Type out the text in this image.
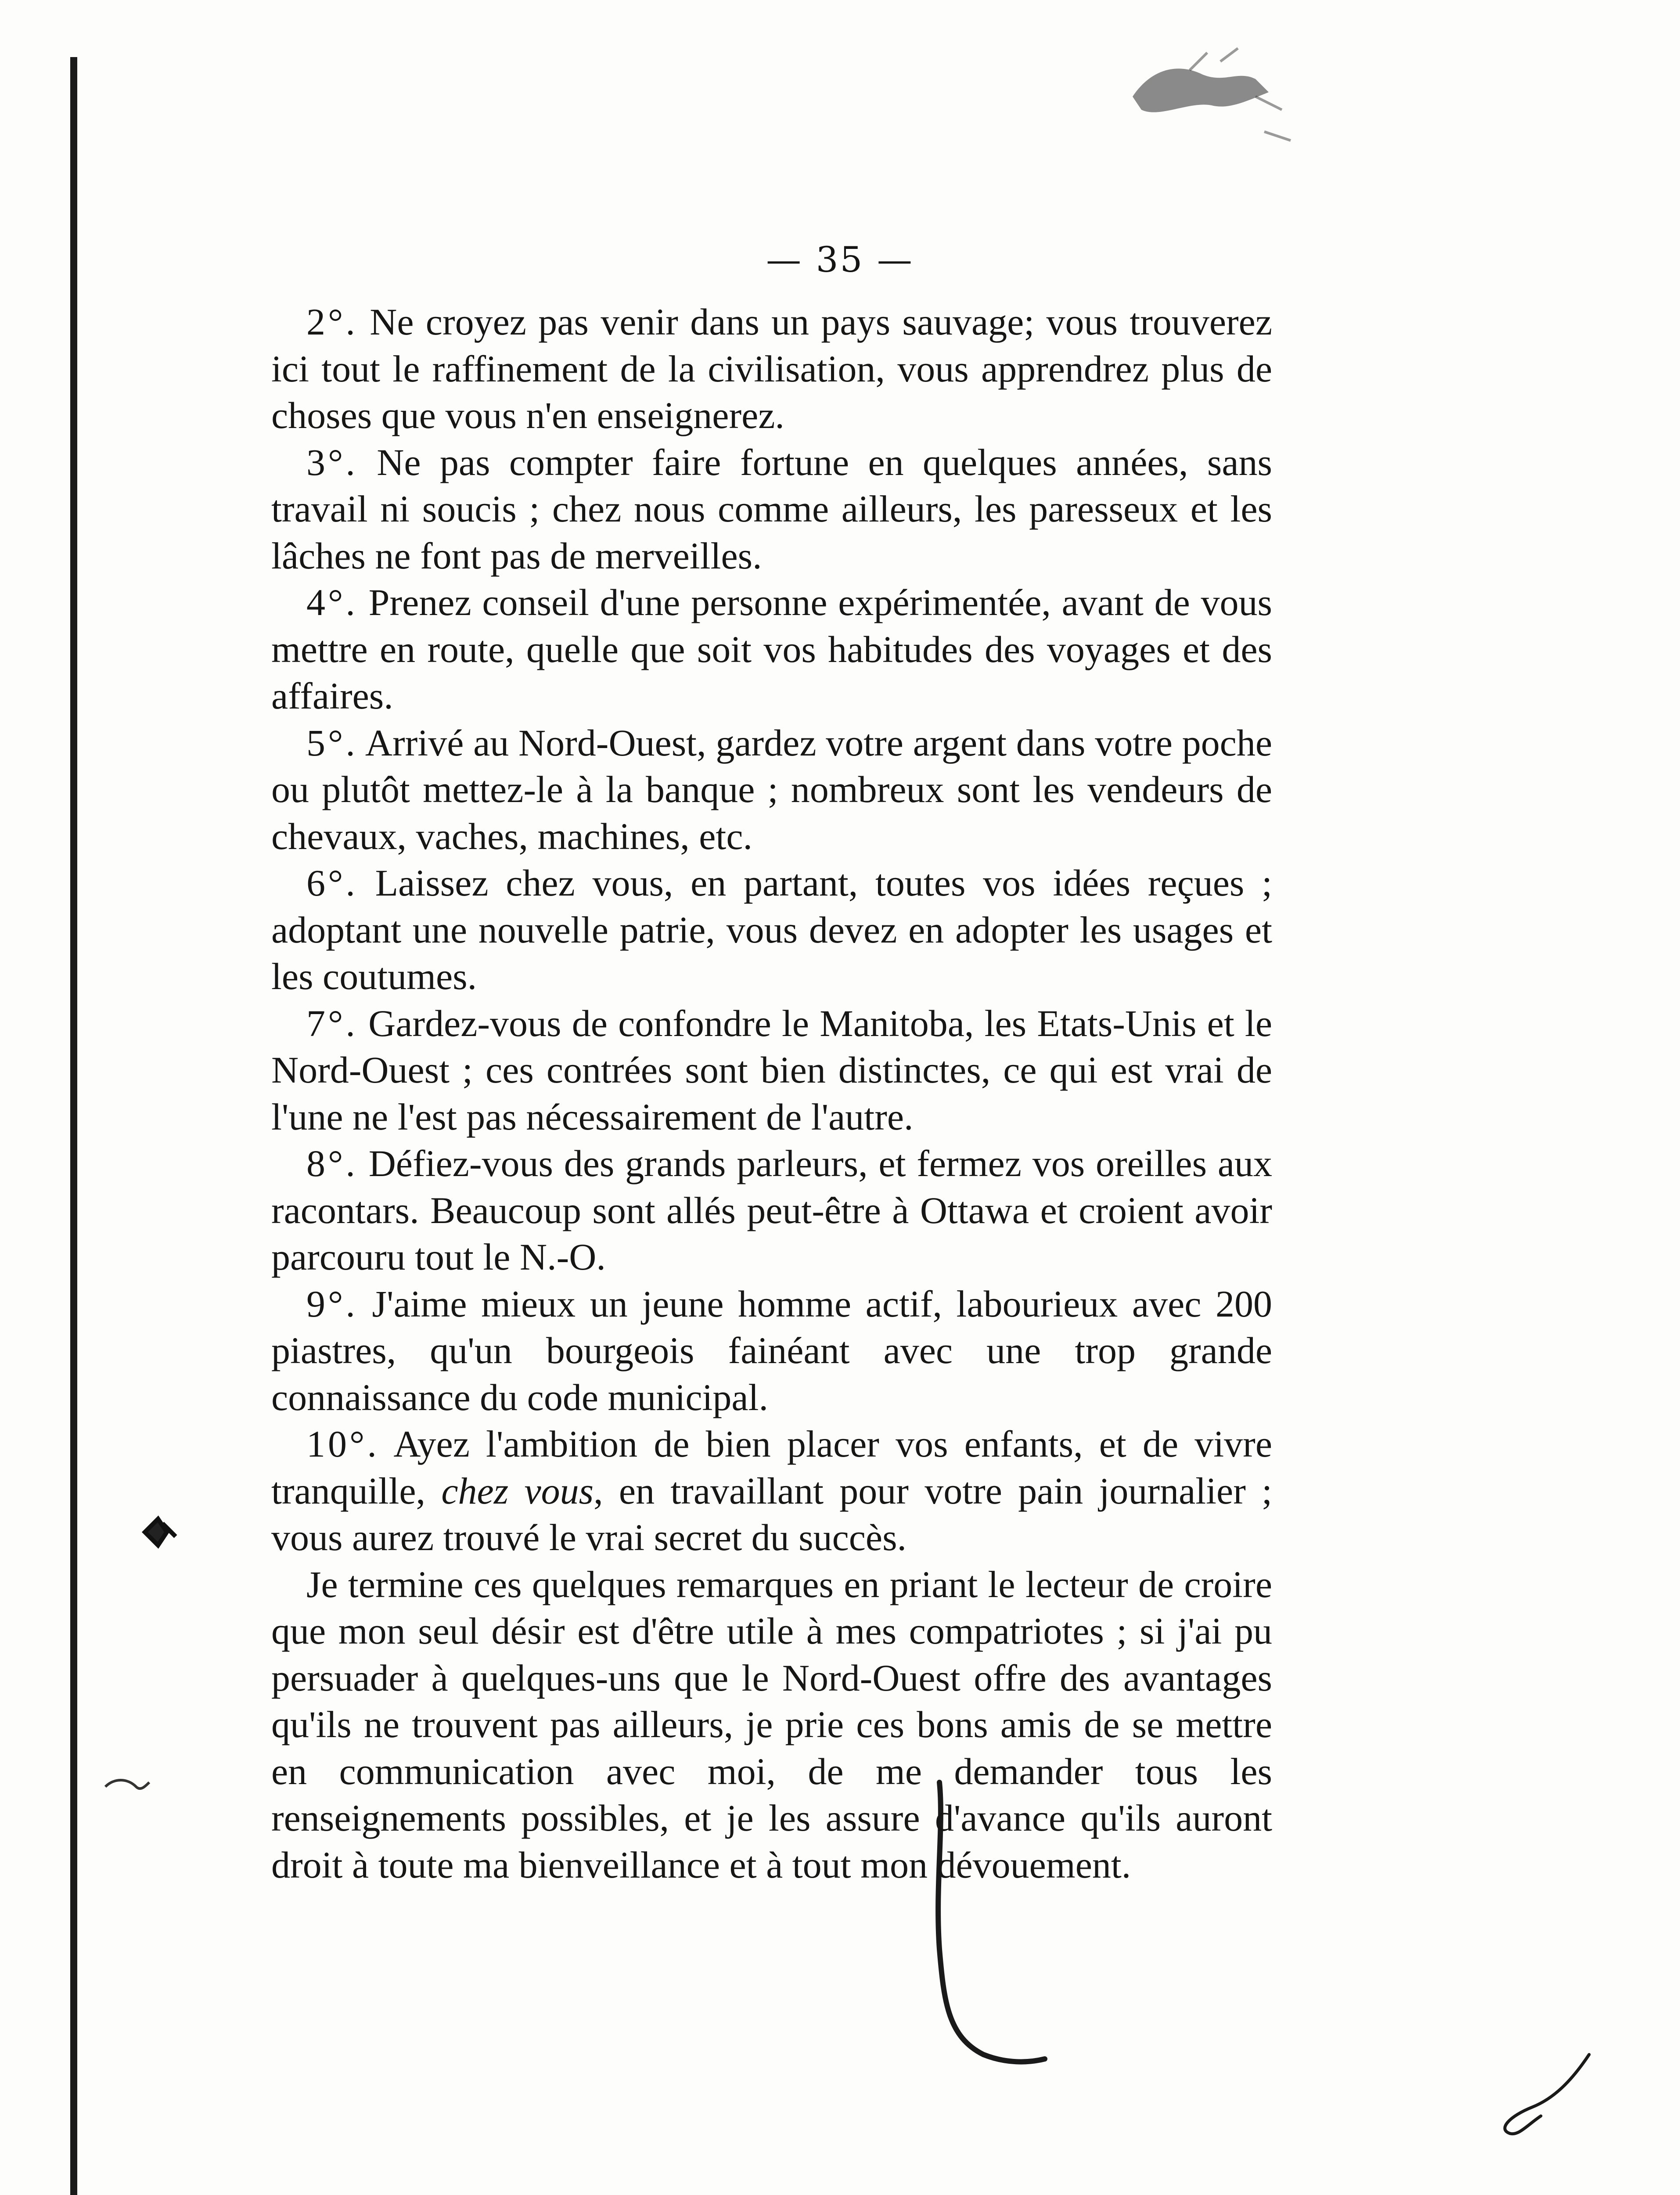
— 35 —

2°. Ne croyez pas venir dans un pays sauvage; vous trouverez ici tout le raffinement de la civilisation, vous apprendrez plus de choses que vous n'en enseignerez.

3°. Ne pas compter faire fortune en quelques années, sans travail ni soucis ; chez nous comme ailleurs, les paresseux et les lâches ne font pas de merveilles.

4°. Prenez conseil d'une personne expérimentée, avant de vous mettre en route, quelle que soit vos habitudes des voyages et des affaires.

5°. Arrivé au Nord-Ouest, gardez votre argent dans votre poche ou plutôt mettez-le à la banque ; nombreux sont les vendeurs de chevaux, vaches, machines, etc.

6°. Laissez chez vous, en partant, toutes vos idées reçues ; adoptant une nouvelle patrie, vous devez en adopter les usages et les coutumes.

7°. Gardez-vous de confondre le Manitoba, les Etats-Unis et le Nord-Ouest ; ces contrées sont bien distinctes, ce qui est vrai de l'une ne l'est pas nécessairement de l'autre.

8°. Défiez-vous des grands parleurs, et fermez vos oreilles aux racontars. Beaucoup sont allés peut-être à Ottawa et croient avoir parcouru tout le N.-O.

9°. J'aime mieux un jeune homme actif, labourieux avec 200 piastres, qu'un bourgeois fainéant avec une trop grande connaissance du code municipal.

10°. Ayez l'ambition de bien placer vos enfants, et de vivre tranquille, chez vous, en travaillant pour votre pain journalier ; vous aurez trouvé le vrai secret du succès.

Je termine ces quelques remarques en priant le lecteur de croire que mon seul désir est d'être utile à mes compatriotes ; si j'ai pu persuader à quelques-uns que le Nord-Ouest offre des avantages qu'ils ne trouvent pas ailleurs, je prie ces bons amis de se mettre en communication avec moi, de me demander tous les renseignements possibles, et je les assure d'avance qu'ils auront droit à toute ma bienveillance et à tout mon dévouement.
